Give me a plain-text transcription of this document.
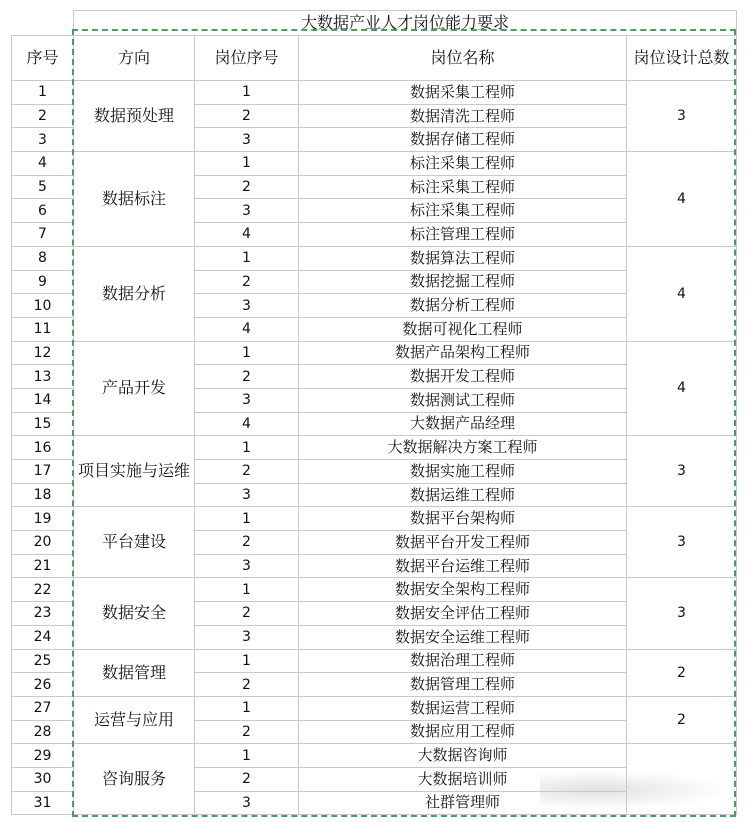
	大数据产业人才岗位能力要求			
序号	方向	岗位序号	岗位名称	岗位设计总数
1	数据预处理	1	数据采集工程师	3
2		2	数据清洗工程师	
3		3	数据存储工程师	
4	数据标注	1	标注采集工程师	4
5		2	标注采集工程师	
6		3	标注采集工程师	
7		4	标注管理工程师	
8	数据分析	1	数据算法工程师	4
9		2	数据挖掘工程师	
10		3	数据分析工程师	
11		4	数据可视化工程师	
12	产品开发	1	数据产品架构工程师	4
13		2	数据开发工程师	
14		3	数据测试工程师	
15		4	大数据产品经理	
16	项目实施与运维	1	大数据解决方案工程师	3
17		2	数据实施工程师	
18		3	数据运维工程师	
19	平台建设	1	数据平台架构师	3
20		2	数据平台开发工程师	
21		3	数据平台运维工程师	
22	数据安全	1	数据安全架构工程师	3
23		2	数据安全评估工程师	
24		3	数据安全运维工程师	
25	数据管理	1	数据治理工程师	2
26		2	数据管理工程师	
27	运营与应用	1	数据运营工程师	2
28		2	数据应用工程师	
29	咨询服务	1	大数据咨询师	
30		2	大数据培训师	
31		3	社群管理师	
